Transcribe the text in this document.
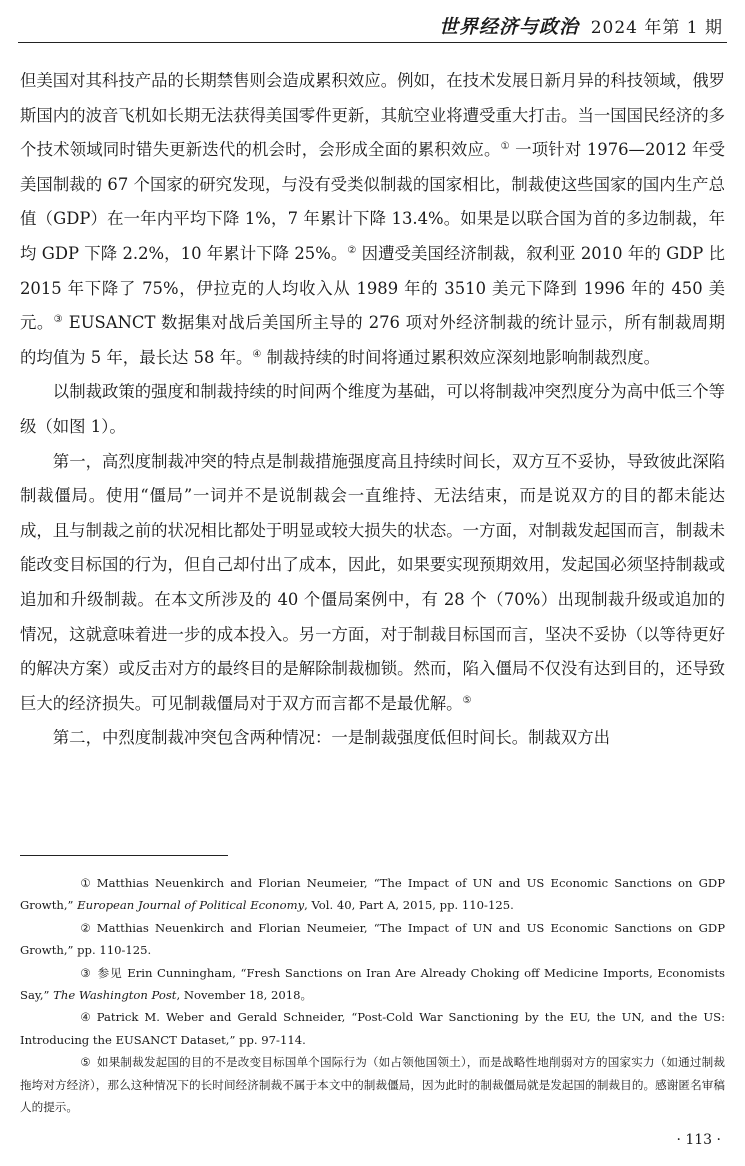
世界经济与政治 2024 年第 1 期

但美国对其科技产品的长期禁售则会造成累积效应。例如，在技术发展日新月异的科技领域，俄罗斯国内的波音飞机如长期无法获得美国零件更新，其航空业将遭受重大打击。当一国国民经济的多个技术领域同时错失更新迭代的机会时，会形成全面的累积效应。① 一项针对 1976—2012 年受美国制裁的 67 个国家的研究发现，与没有受类似制裁的国家相比，制裁使这些国家的国内生产总值（GDP）在一年内平均下降 1%，7 年累计下降 13.4%。如果是以联合国为首的多边制裁，年均 GDP 下降 2.2%，10 年累计下降 25%。② 因遭受美国经济制裁，叙利亚 2010 年的 GDP 比 2015 年下降了 75%，伊拉克的人均收入从 1989 年的 3510 美元下降到 1996 年的 450 美元。③ EUSANCT 数据集对战后美国所主导的 276 项对外经济制裁的统计显示，所有制裁周期的均值为 5 年，最长达 58 年。④ 制裁持续的时间将通过累积效应深刻地影响制裁烈度。

以制裁政策的强度和制裁持续的时间两个维度为基础，可以将制裁冲突烈度分为高中低三个等级（如图 1）。

第一，高烈度制裁冲突的特点是制裁措施强度高且持续时间长，双方互不妥协，导致彼此深陷制裁僵局。使用“僵局”一词并不是说制裁会一直维持、无法结束，而是说双方的目的都未能达成，且与制裁之前的状况相比都处于明显或较大损失的状态。一方面，对制裁发起国而言，制裁未能改变目标国的行为，但自己却付出了成本，因此，如果要实现预期效用，发起国必须坚持制裁或追加和升级制裁。在本文所涉及的 40 个僵局案例中，有 28 个（70%）出现制裁升级或追加的情况，这就意味着进一步的成本投入。另一方面，对于制裁目标国而言，坚决不妥协（以等待更好的解决方案）或反击对方的最终目的是解除制裁枷锁。然而，陷入僵局不仅没有达到目的，还导致巨大的经济损失。可见制裁僵局对于双方而言都不是最优解。⑤

第二，中烈度制裁冲突包含两种情况：一是制裁强度低但时间长。制裁双方出

① Matthias Neuenkirch and Florian Neumeier, “The Impact of UN and US Economic Sanctions on GDP Growth,” European Journal of Political Economy, Vol. 40, Part A, 2015, pp. 110-125.

② Matthias Neuenkirch and Florian Neumeier, “The Impact of UN and US Economic Sanctions on GDP Growth,” pp. 110-125.

③ 参见 Erin Cunningham, “Fresh Sanctions on Iran Are Already Choking off Medicine Imports, Economists Say,” The Washington Post, November 18, 2018。

④ Patrick M. Weber and Gerald Schneider, “Post-Cold War Sanctioning by the EU, the UN, and the US: Introducing the EUSANCT Dataset,” pp. 97-114.

⑤ 如果制裁发起国的目的不是改变目标国单个国际行为（如占领他国领土），而是战略性地削弱对方的国家实力（如通过制裁拖垮对方经济），那么这种情况下的长时间经济制裁不属于本文中的制裁僵局，因为此时的制裁僵局就是发起国的制裁目的。感谢匿名审稿人的提示。

· 113 ·
